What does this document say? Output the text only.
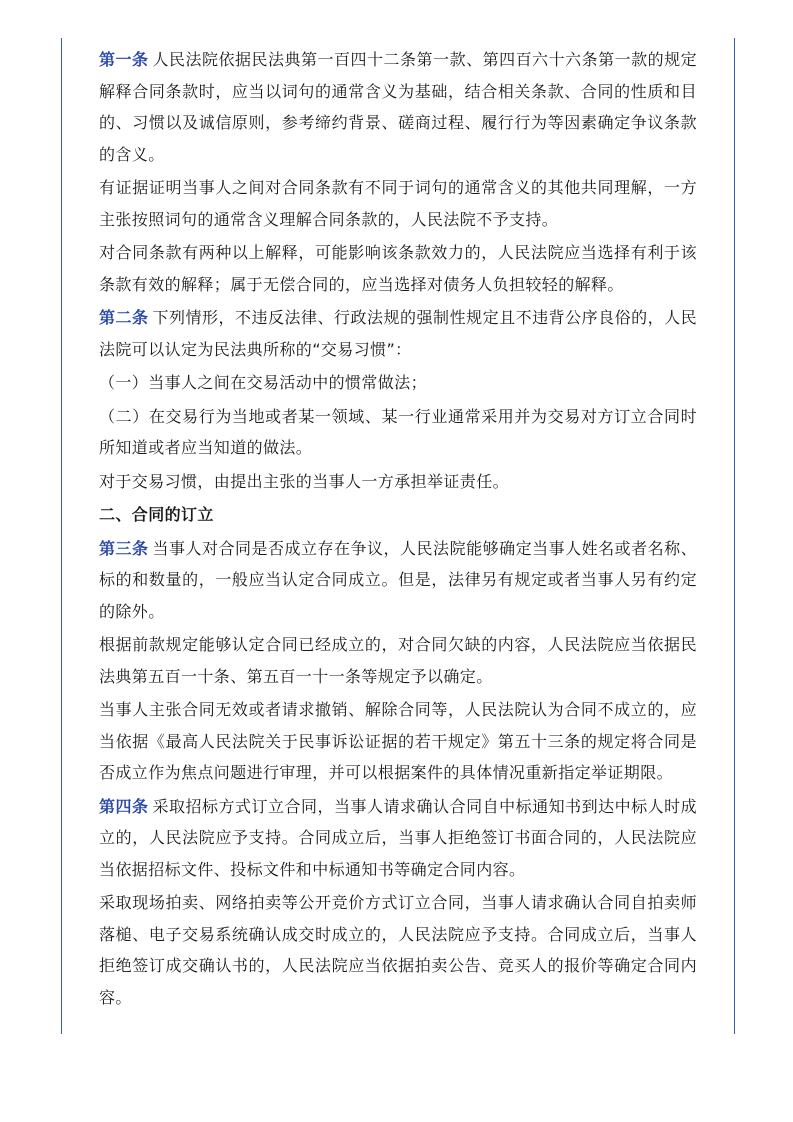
第一条 人民法院依据民法典第一百四十二条第一款、第四百六十六条第一款的规定解释合同条款时，应当以词句的通常含义为基础，结合相关条款、合同的性质和目的、习惯以及诚信原则，参考缔约背景、磋商过程、履行行为等因素确定争议条款的含义。

有证据证明当事人之间对合同条款有不同于词句的通常含义的其他共同理解，一方主张按照词句的通常含义理解合同条款的，人民法院不予支持。

对合同条款有两种以上解释，可能影响该条款效力的，人民法院应当选择有利于该条款有效的解释；属于无偿合同的，应当选择对债务人负担较轻的解释。

第二条 下列情形，不违反法律、行政法规的强制性规定且不违背公序良俗的，人民法院可以认定为民法典所称的“交易习惯”：

（一）当事人之间在交易活动中的惯常做法；

（二）在交易行为当地或者某一领域、某一行业通常采用并为交易对方订立合同时所知道或者应当知道的做法。

对于交易习惯，由提出主张的当事人一方承担举证责任。

二、合同的订立

第三条 当事人对合同是否成立存在争议，人民法院能够确定当事人姓名或者名称、标的和数量的，一般应当认定合同成立。但是，法律另有规定或者当事人另有约定的除外。

根据前款规定能够认定合同已经成立的，对合同欠缺的内容，人民法院应当依据民法典第五百一十条、第五百一十一条等规定予以确定。

当事人主张合同无效或者请求撤销、解除合同等，人民法院认为合同不成立的，应当依据《最高人民法院关于民事诉讼证据的若干规定》第五十三条的规定将合同是否成立作为焦点问题进行审理，并可以根据案件的具体情况重新指定举证期限。

第四条 采取招标方式订立合同，当事人请求确认合同自中标通知书到达中标人时成立的，人民法院应予支持。合同成立后，当事人拒绝签订书面合同的，人民法院应当依据招标文件、投标文件和中标通知书等确定合同内容。

采取现场拍卖、网络拍卖等公开竞价方式订立合同，当事人请求确认合同自拍卖师落槌、电子交易系统确认成交时成立的，人民法院应予支持。合同成立后，当事人拒绝签订成交确认书的，人民法院应当依据拍卖公告、竞买人的报价等确定合同内容。
